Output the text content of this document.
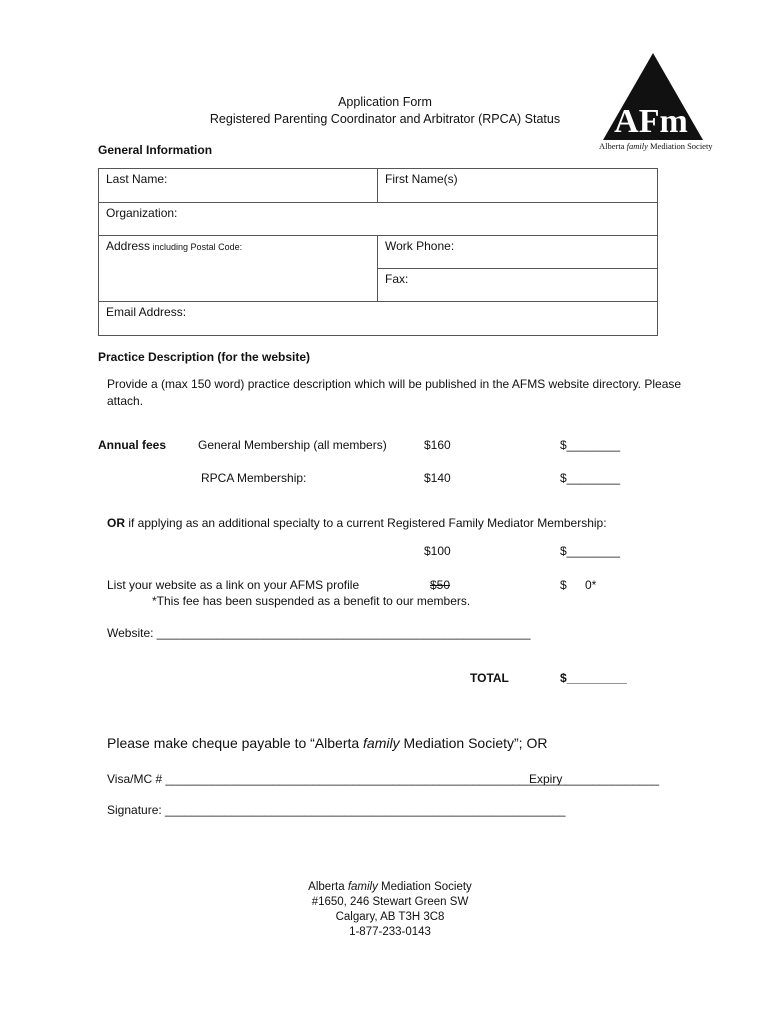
Application Form
Registered Parenting Coordinator and Arbitrator (RPCA) Status	AFm
Alberta family Mediation Society
General Information
Last Name:	First Name(s)
Organization:
Address including Postal Code:	Work Phone:
Fax:
Email Address:
Practice Description (for the website)
Provide a (max 150 word) practice description which will be published in the AFMS website directory. Please
attach.
Annual fees	General Membership (all members)	$160	$________
RPCA Membership:	$140	$________
OR if applying as an additional specialty to a current Registered Family Mediator Membership:
$100	$________
List your website as a link on your AFMS profile	$50	$ 0*
*This fee has been suspended as a benefit to our members.
Website: ________________________________________________________
TOTAL	$_________
Please make cheque payable to “Alberta family Mediation Society”; OR
Visa/MC # ____________________________________________________________
Expiry ______________
Signature: ____________________________________________________________
Alberta family Mediation Society
#1650, 246 Stewart Green SW
Calgary, AB T3H 3C8
1-877-233-0143
